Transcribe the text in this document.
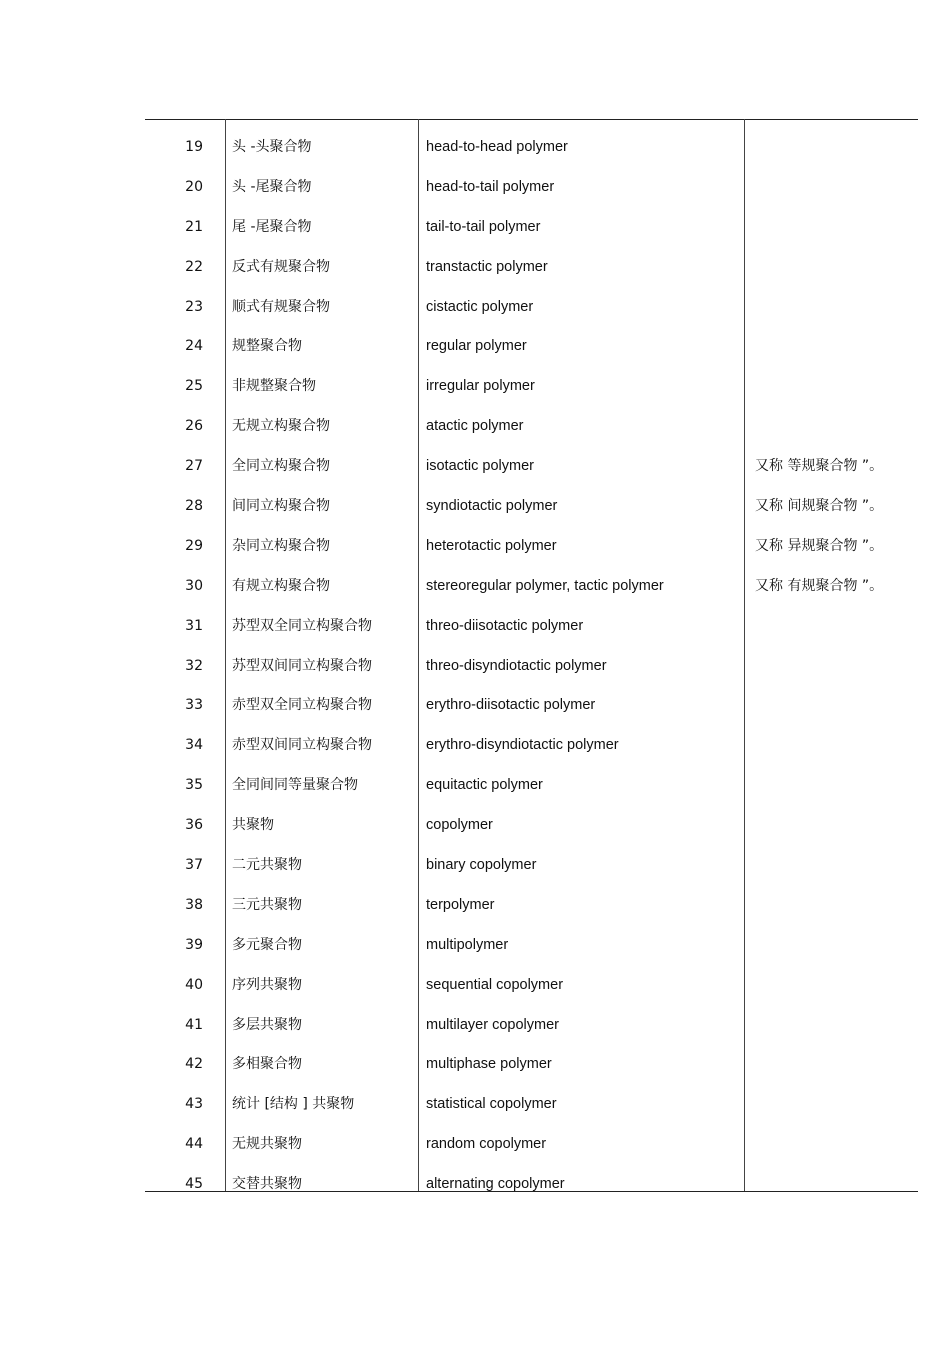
19 头 -头聚合物	head-to-head polymer
20 头 -尾聚合物	head-to-tail polymer
21 尾 -尾聚合物	tail-to-tail polymer
22 反式有规聚合物	transtactic polymer
23 顺式有规聚合物	cistactic polymer
24 规整聚合物	regular polymer
25 非规整聚合物	irregular polymer
26 无规立构聚合物	atactic polymer
27 全同立构聚合物	isotactic polymer	又称 等规聚合物 ”。
28 间同立构聚合物	syndiotactic polymer	又称 间规聚合物 ”。
29 杂同立构聚合物	heterotactic polymer	又称 异规聚合物 ”。
30 有规立构聚合物	stereoregular polymer, tactic polymer	又称 有规聚合物 ”。
31 苏型双全同立构聚合物	threo-diisotactic polymer
32 苏型双间同立构聚合物	threo-disyndiotactic polymer
33 赤型双全同立构聚合物	erythro-diisotactic polymer
34 赤型双间同立构聚合物	erythro-disyndiotactic polymer
35 全同间同等量聚合物	equitactic polymer
36 共聚物	copolymer
37 二元共聚物	binary copolymer
38 三元共聚物	terpolymer
39 多元聚合物	multipolymer
40 序列共聚物	sequential copolymer
41 多层共聚物	multilayer copolymer
42 多相聚合物	multiphase polymer
43 统计 [结构 ] 共聚物	statistical copolymer
44 无规共聚物	random copolymer
45 交替共聚物	alternating copolymer
